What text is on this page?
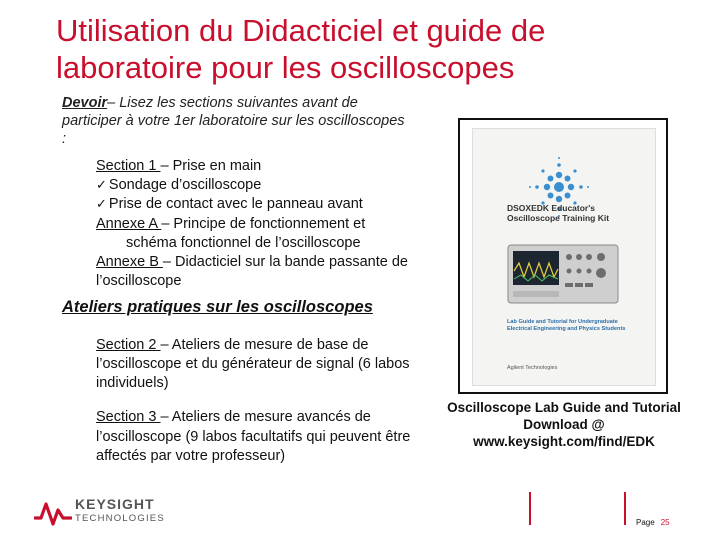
Utilisation du Didacticiel et guide de laboratoire pour les oscilloscopes
Devoir– Lisez les sections suivantes avant de participer à votre 1er laboratoire sur les oscilloscopes :
Section 1 – Prise en main
✓ Sondage d’oscilloscope
✓ Prise de contact avec le panneau avant
Annexe A – Principe de fonctionnement et
schéma fonctionnel de l’oscilloscope
Annexe B – Didacticiel sur la bande passante de l’oscilloscope
Ateliers pratiques sur les oscilloscopes
Section 2 – Ateliers de mesure de base de l’oscilloscope et du générateur de signal (6 labos individuels)
Section 3 – Ateliers de mesure avancés de l’oscilloscope (9 labos facultatifs qui peuvent être affectés par votre professeur)
DSOXEDK Educator's Oscilloscope Training Kit
Lab Guide and Tutorial for Undergraduate Electrical Engineering and Physics Students
Agilent Technologies
Oscilloscope Lab Guide and Tutorial
Download @
www.keysight.com/find/EDK
KEYSIGHT
TECHNOLOGIES	Page 25
